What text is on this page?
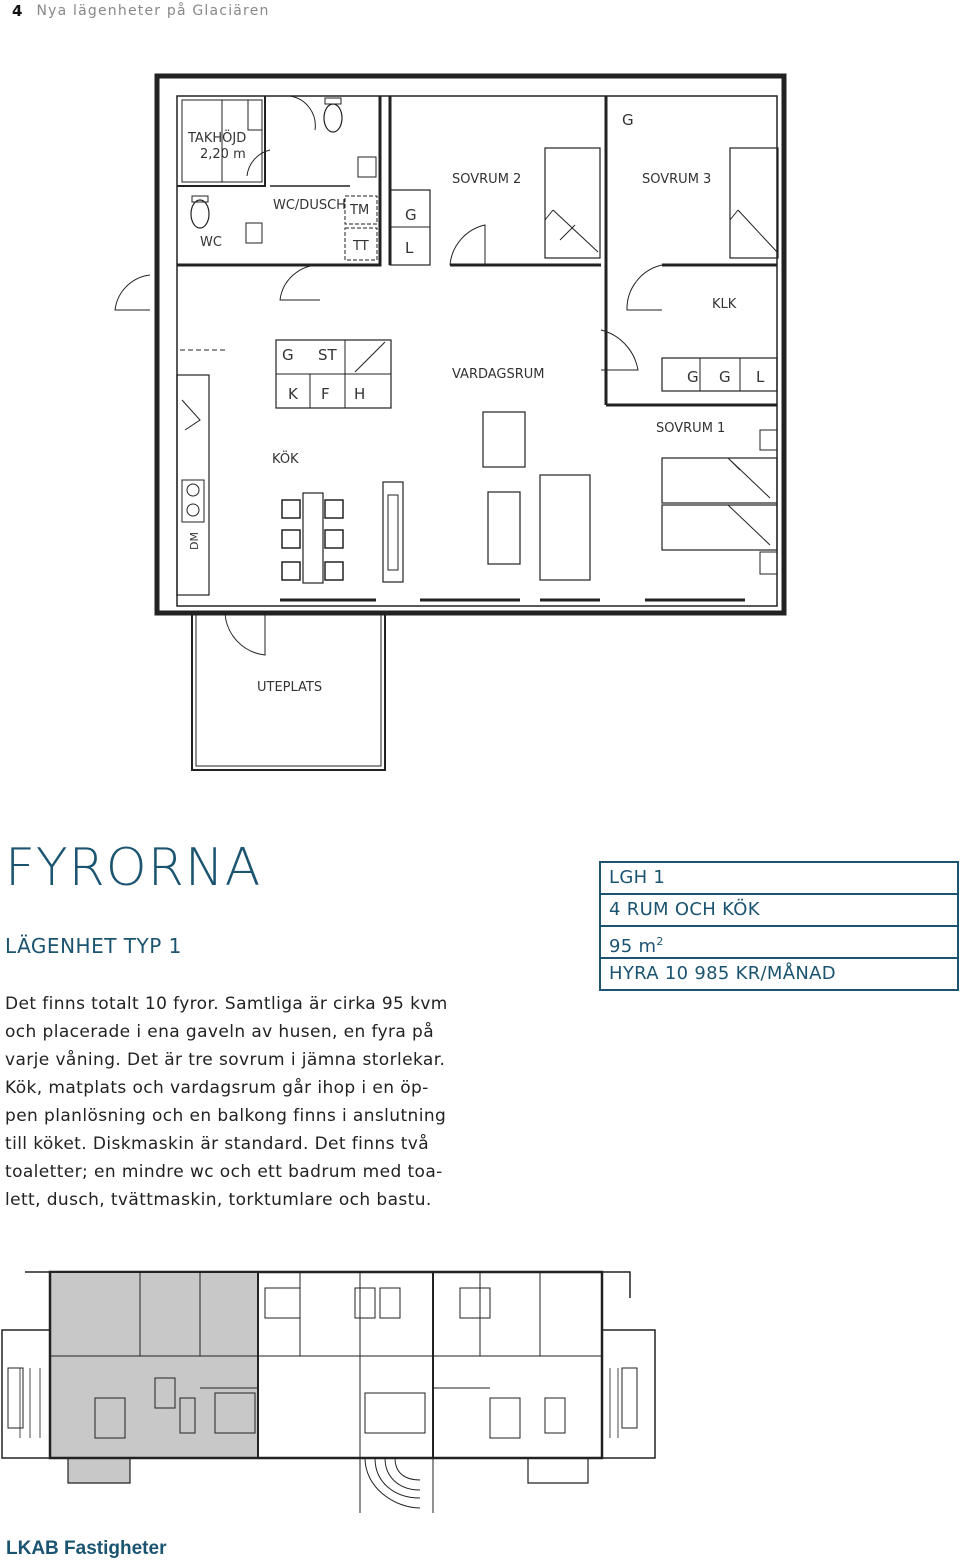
4 Nya lägenheter på Glaciären
TAKHÖJD
2,20 m
WC
WC/DUSCH TM
TT
G
L
SOVRUM 2
G
SOVRUM 3
KLK
G ST
K F H
VARDAGSRUM	G G L
SOVRUM 1
KÖK
DM
UTEPLATS
FYRORNA
LÄGENHET TYP 1
Det finns totalt 10 fyror. Samtliga är cirka 95 kvm
och placerade i ena gaveln av husen, en fyra på
varje våning. Det är tre sovrum i jämna storlekar.
Kök, matplats och vardagsrum går ihop i en öp-
pen planlösning och en balkong finns i anslutning
till köket. Diskmaskin är standard. Det finns två
toaletter; en mindre wc och ett badrum med toa-
lett, dusch, tvättmaskin, torktumlare och bastu.
LGH 1
4 RUM OCH KÖK
95 $m^2$
HYRA 10 985 KR/MÅNAD
LKAB Fastigheter
